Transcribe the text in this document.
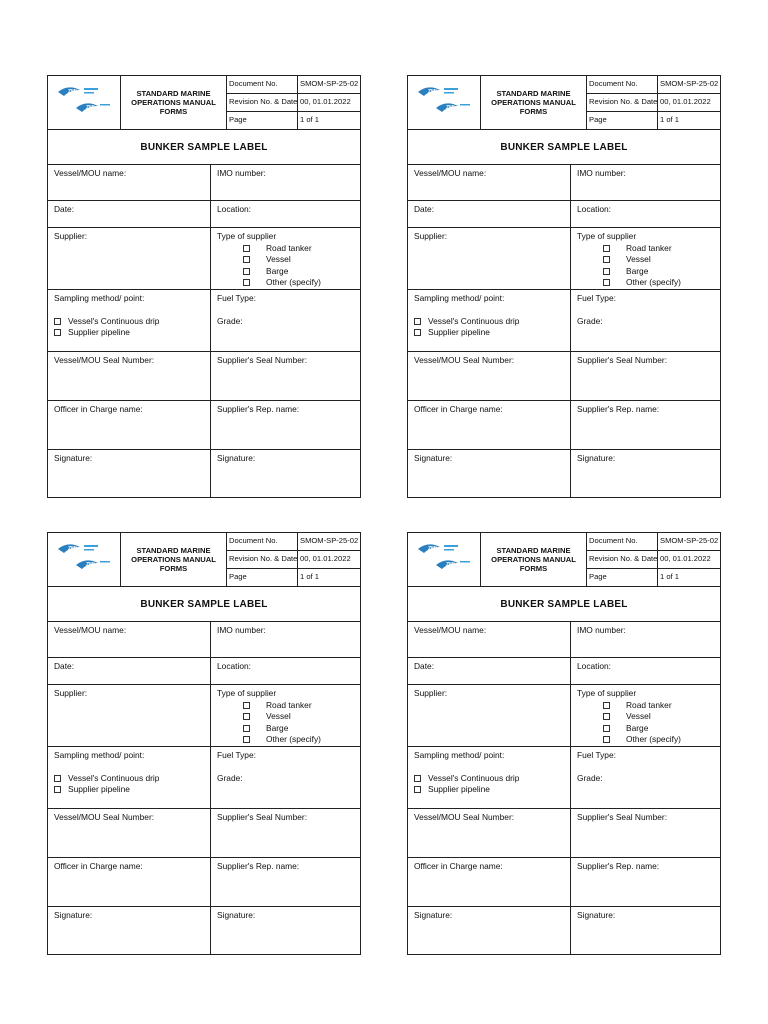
ZMI
ZMI
STANDARD MARINE OPERATIONS MANUAL FORMS
Document No.	SMOM-SP-25-02
Revision No. & Date 00, 01.01.2022
Page	1 of 1
BUNKER SAMPLE LABEL
Vessel/MOU name:	IMO number:
Date:	Location:
Supplier:	Type of supplier
Road tanker
Vessel
Barge
Other (specify)
Sampling method/ point:
Vessel's Continuous drip
Supplier pipeline
Fuel Type:
Grade:
Vessel/MOU Seal Number:	Supplier's Seal Number:
Officer in Charge name:	Supplier's Rep. name:
Signature:	Signature:
ZMI
ZMI
STANDARD MARINE OPERATIONS MANUAL FORMS
Document No.	SMOM-SP-25-02
Revision No. & Date 00, 01.01.2022
Page	1 of 1
BUNKER SAMPLE LABEL
Vessel/MOU name:	IMO number:
Date:	Location:
Supplier:	Type of supplier
Road tanker
Vessel
Barge
Other (specify)
Sampling method/ point:
Vessel's Continuous drip
Supplier pipeline
Fuel Type:
Grade:
Vessel/MOU Seal Number:	Supplier's Seal Number:
Officer in Charge name:	Supplier's Rep. name:
Signature:	Signature:
ZMI
ZMI
STANDARD MARINE OPERATIONS MANUAL FORMS
Document No.	SMOM-SP-25-02
Revision No. & Date 00, 01.01.2022
Page	1 of 1
BUNKER SAMPLE LABEL
Vessel/MOU name:	IMO number:
Date:	Location:
Supplier:	Type of supplier
Road tanker
Vessel
Barge
Other (specify)
Sampling method/ point:
Vessel's Continuous drip
Supplier pipeline
Fuel Type:
Grade:
Vessel/MOU Seal Number:	Supplier's Seal Number:
Officer in Charge name:	Supplier's Rep. name:
Signature:	Signature:
ZMI
ZMI
STANDARD MARINE OPERATIONS MANUAL FORMS
Document No.	SMOM-SP-25-02
Revision No. & Date 00, 01.01.2022
Page	1 of 1
BUNKER SAMPLE LABEL
Vessel/MOU name:	IMO number:
Date:	Location:
Supplier:	Type of supplier
Road tanker
Vessel
Barge
Other (specify)
Sampling method/ point:
Vessel's Continuous drip
Supplier pipeline
Fuel Type:
Grade:
Vessel/MOU Seal Number:	Supplier's Seal Number:
Officer in Charge name:	Supplier's Rep. name:
Signature:	Signature:
